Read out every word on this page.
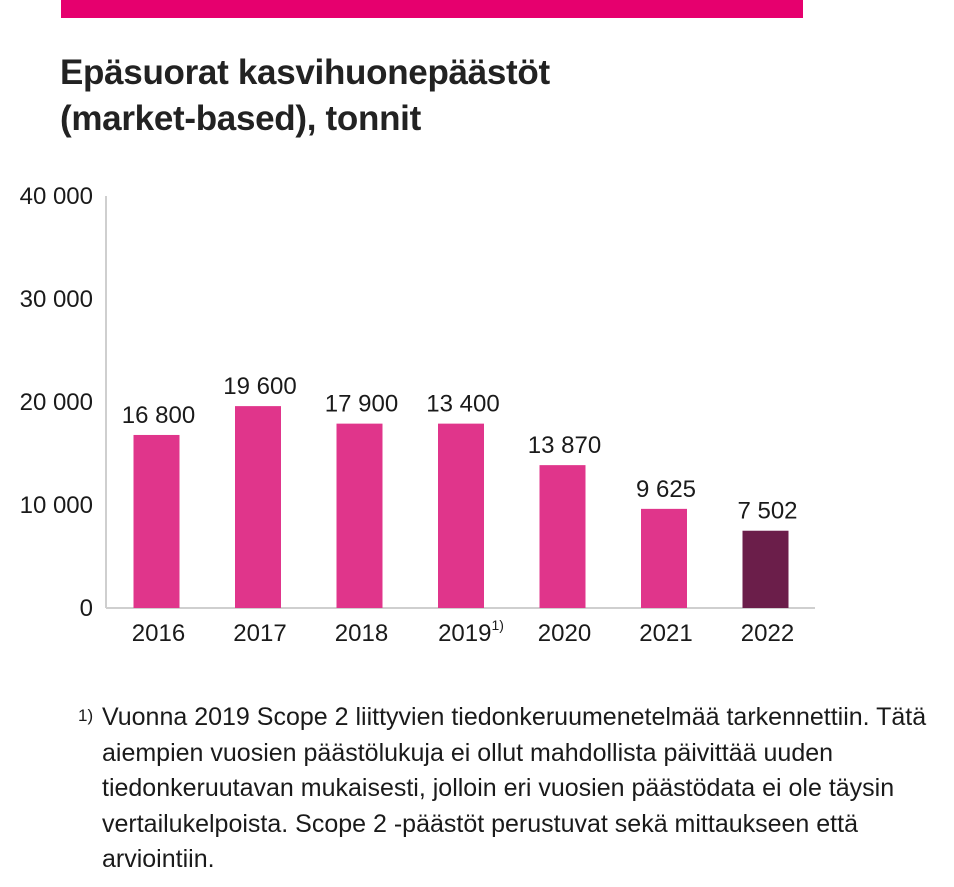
Epäsuorat kasvihuonepäästöt
(market-based), tonnit
0
10 000
20 000
30 000
40 000
2016 2017 2018 2019$^{1)}$ 2020 2021 2022
16 800
19 600
17 900 13 400
13 870
9 625
7 502
1) Vuonna 2019 Scope 2 liittyvien tiedonkeruumenetelmää tarkennettiin. Tätä aiempien vuosien päästölukuja ei ollut mahdollista päivittää uuden tiedonkeruutavan mukaisesti, jolloin eri vuosien päästödata ei ole täysin vertailukelpoista. Scope 2 -päästöt perustuvat sekä mittaukseen että arviointiin.
